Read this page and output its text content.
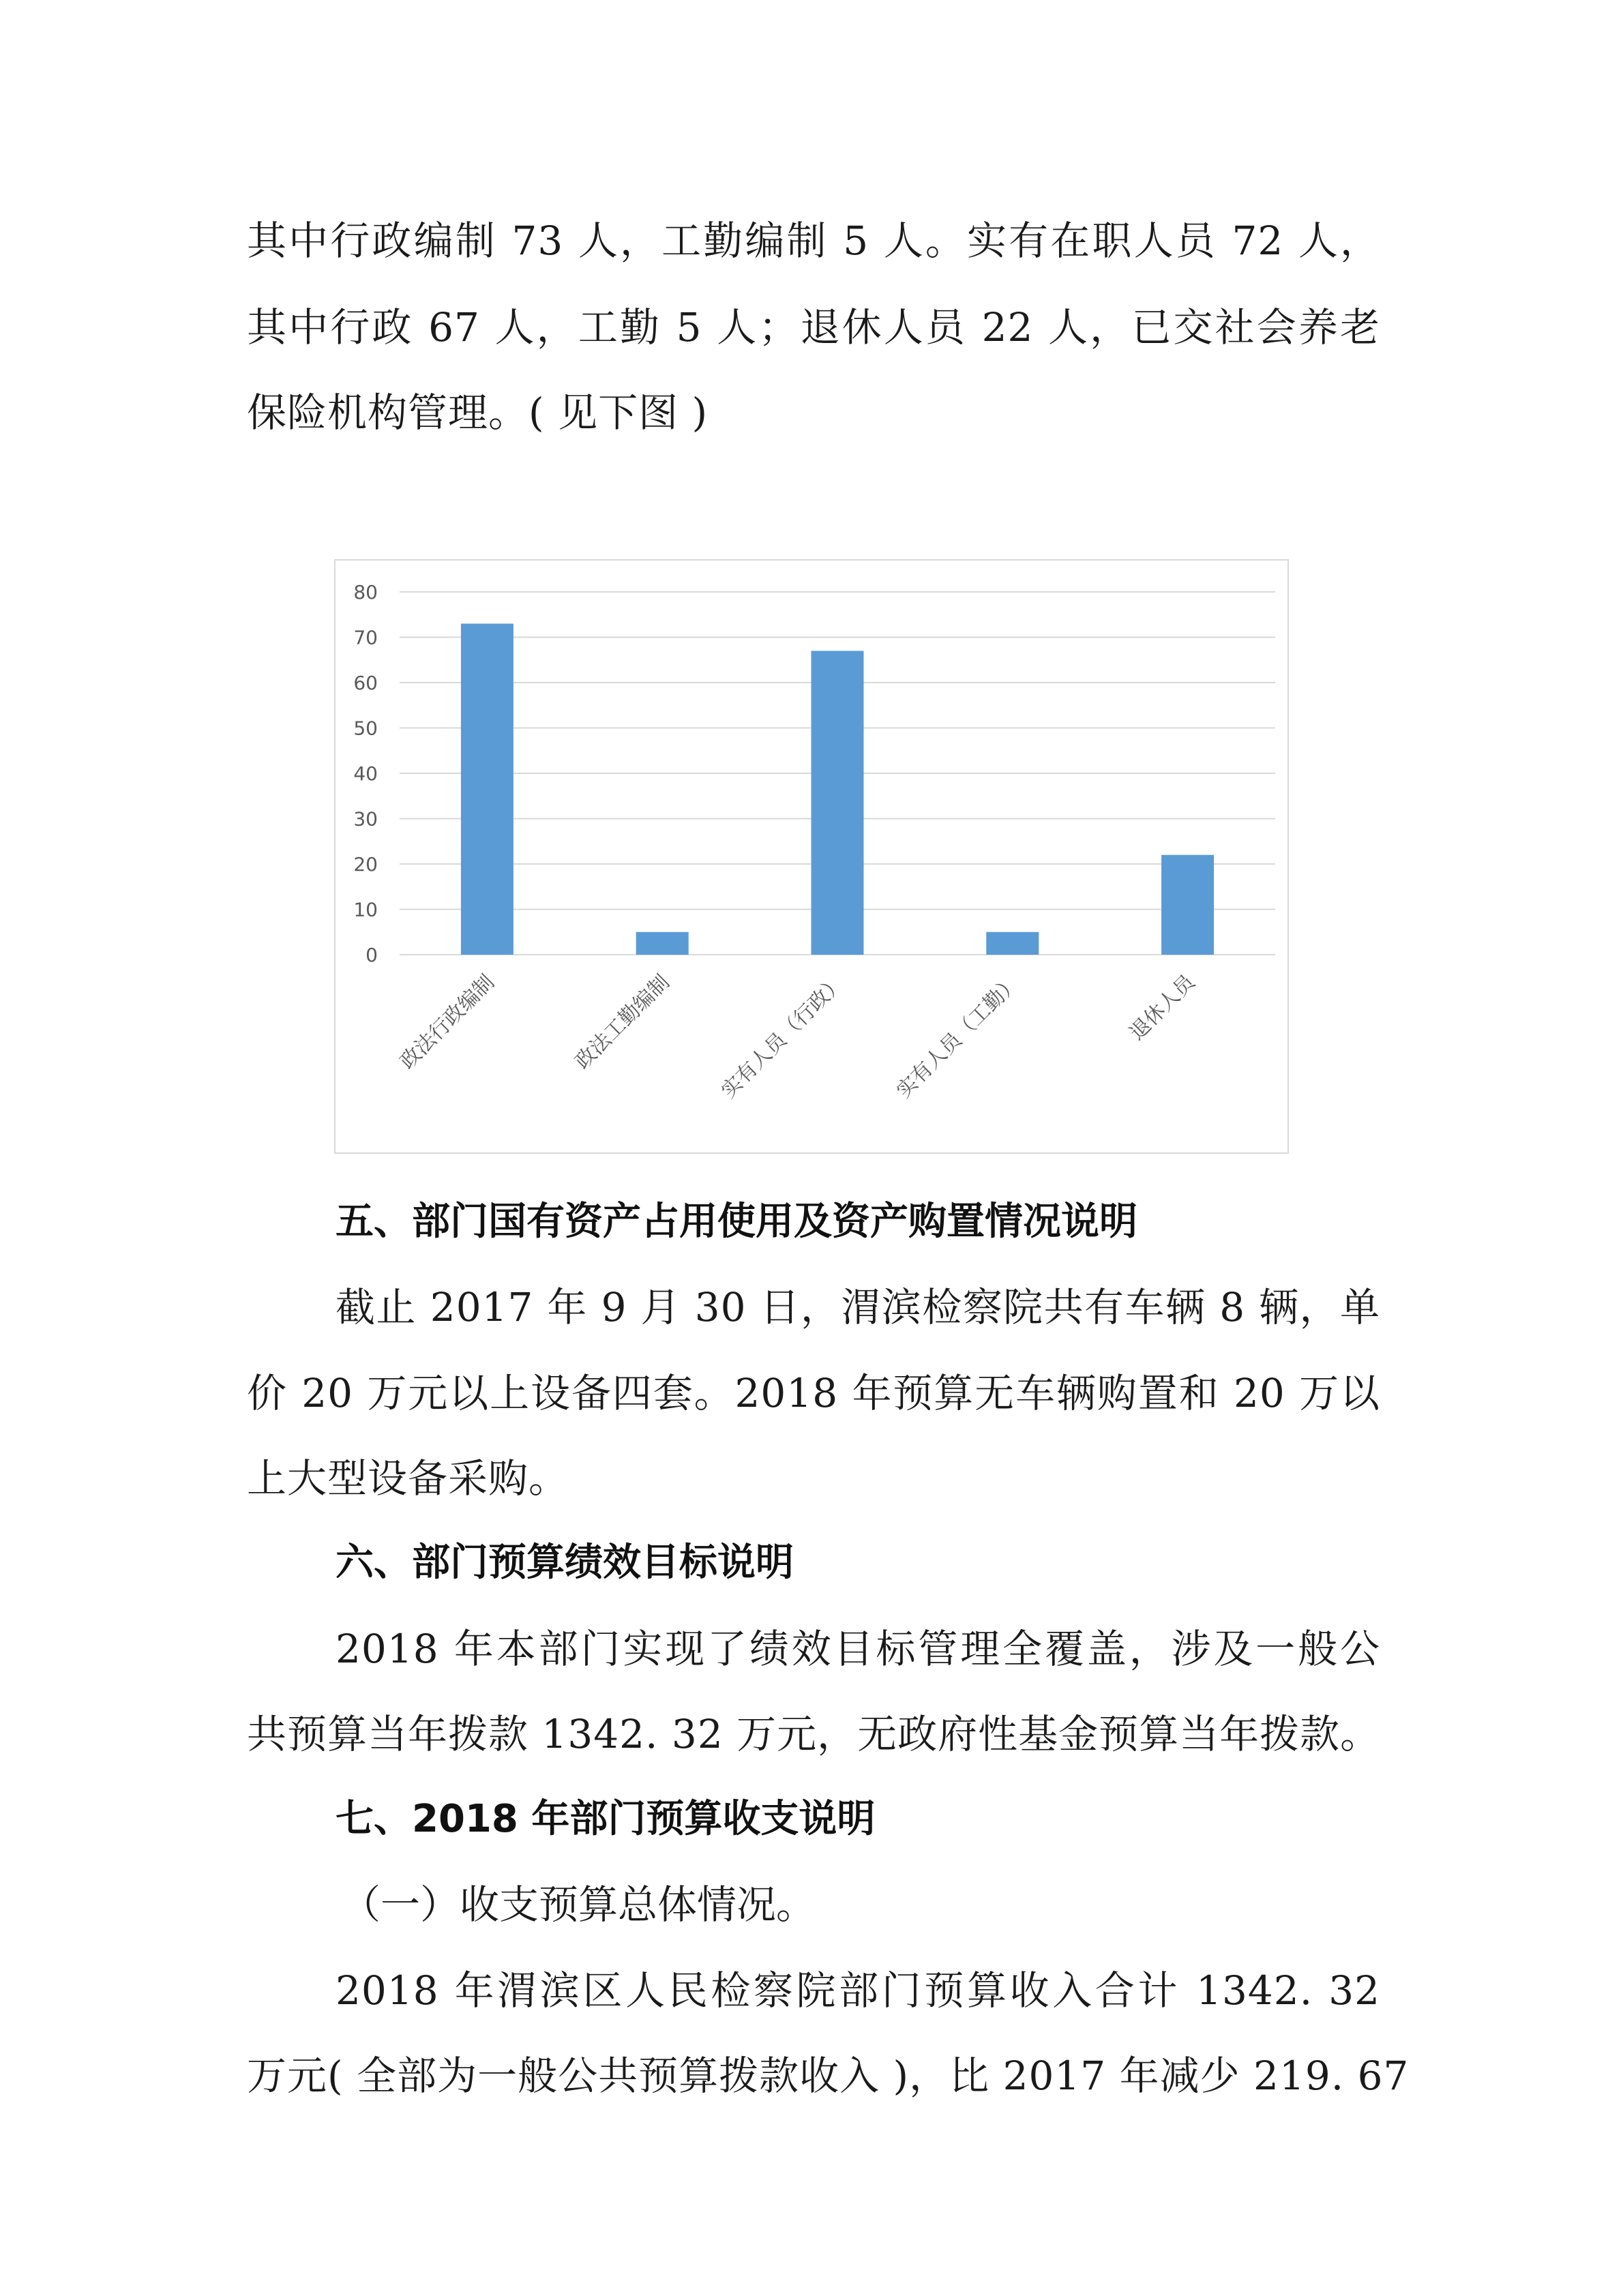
其中行政编制 73 人，工勤编制 5 人。实有在职人员 72 人，
其中行政 67 人，工勤 5 人；退休人员 22 人，已交社会养老
保险机构管理。( 见下图 )
0
10
20
30
40
50
60
70
80
政法行政编制	政法工勤编制 实有人员（行政） 实有人员（工勤）	退休人员
五、部门国有资产占用使用及资产购置情况说明
截止 2017 年 9 月 30 日，渭滨检察院共有车辆 8 辆，单
价 20 万元以上设备四套。2018 年预算无车辆购置和 20 万以
上大型设备采购。
六、部门预算绩效目标说明
2018 年本部门实现了绩效目标管理全覆盖，涉及一般公
共预算当年拨款 1342. 32 万元，无政府性基金预算当年拨款。
七、2018 年部门预算收支说明
（一）收支预算总体情况。
2018 年渭滨区人民检察院部门预算收入合计 1342. 32
万元( 全部为一般公共预算拨款收入 )，比 2017 年减少 219. 67
